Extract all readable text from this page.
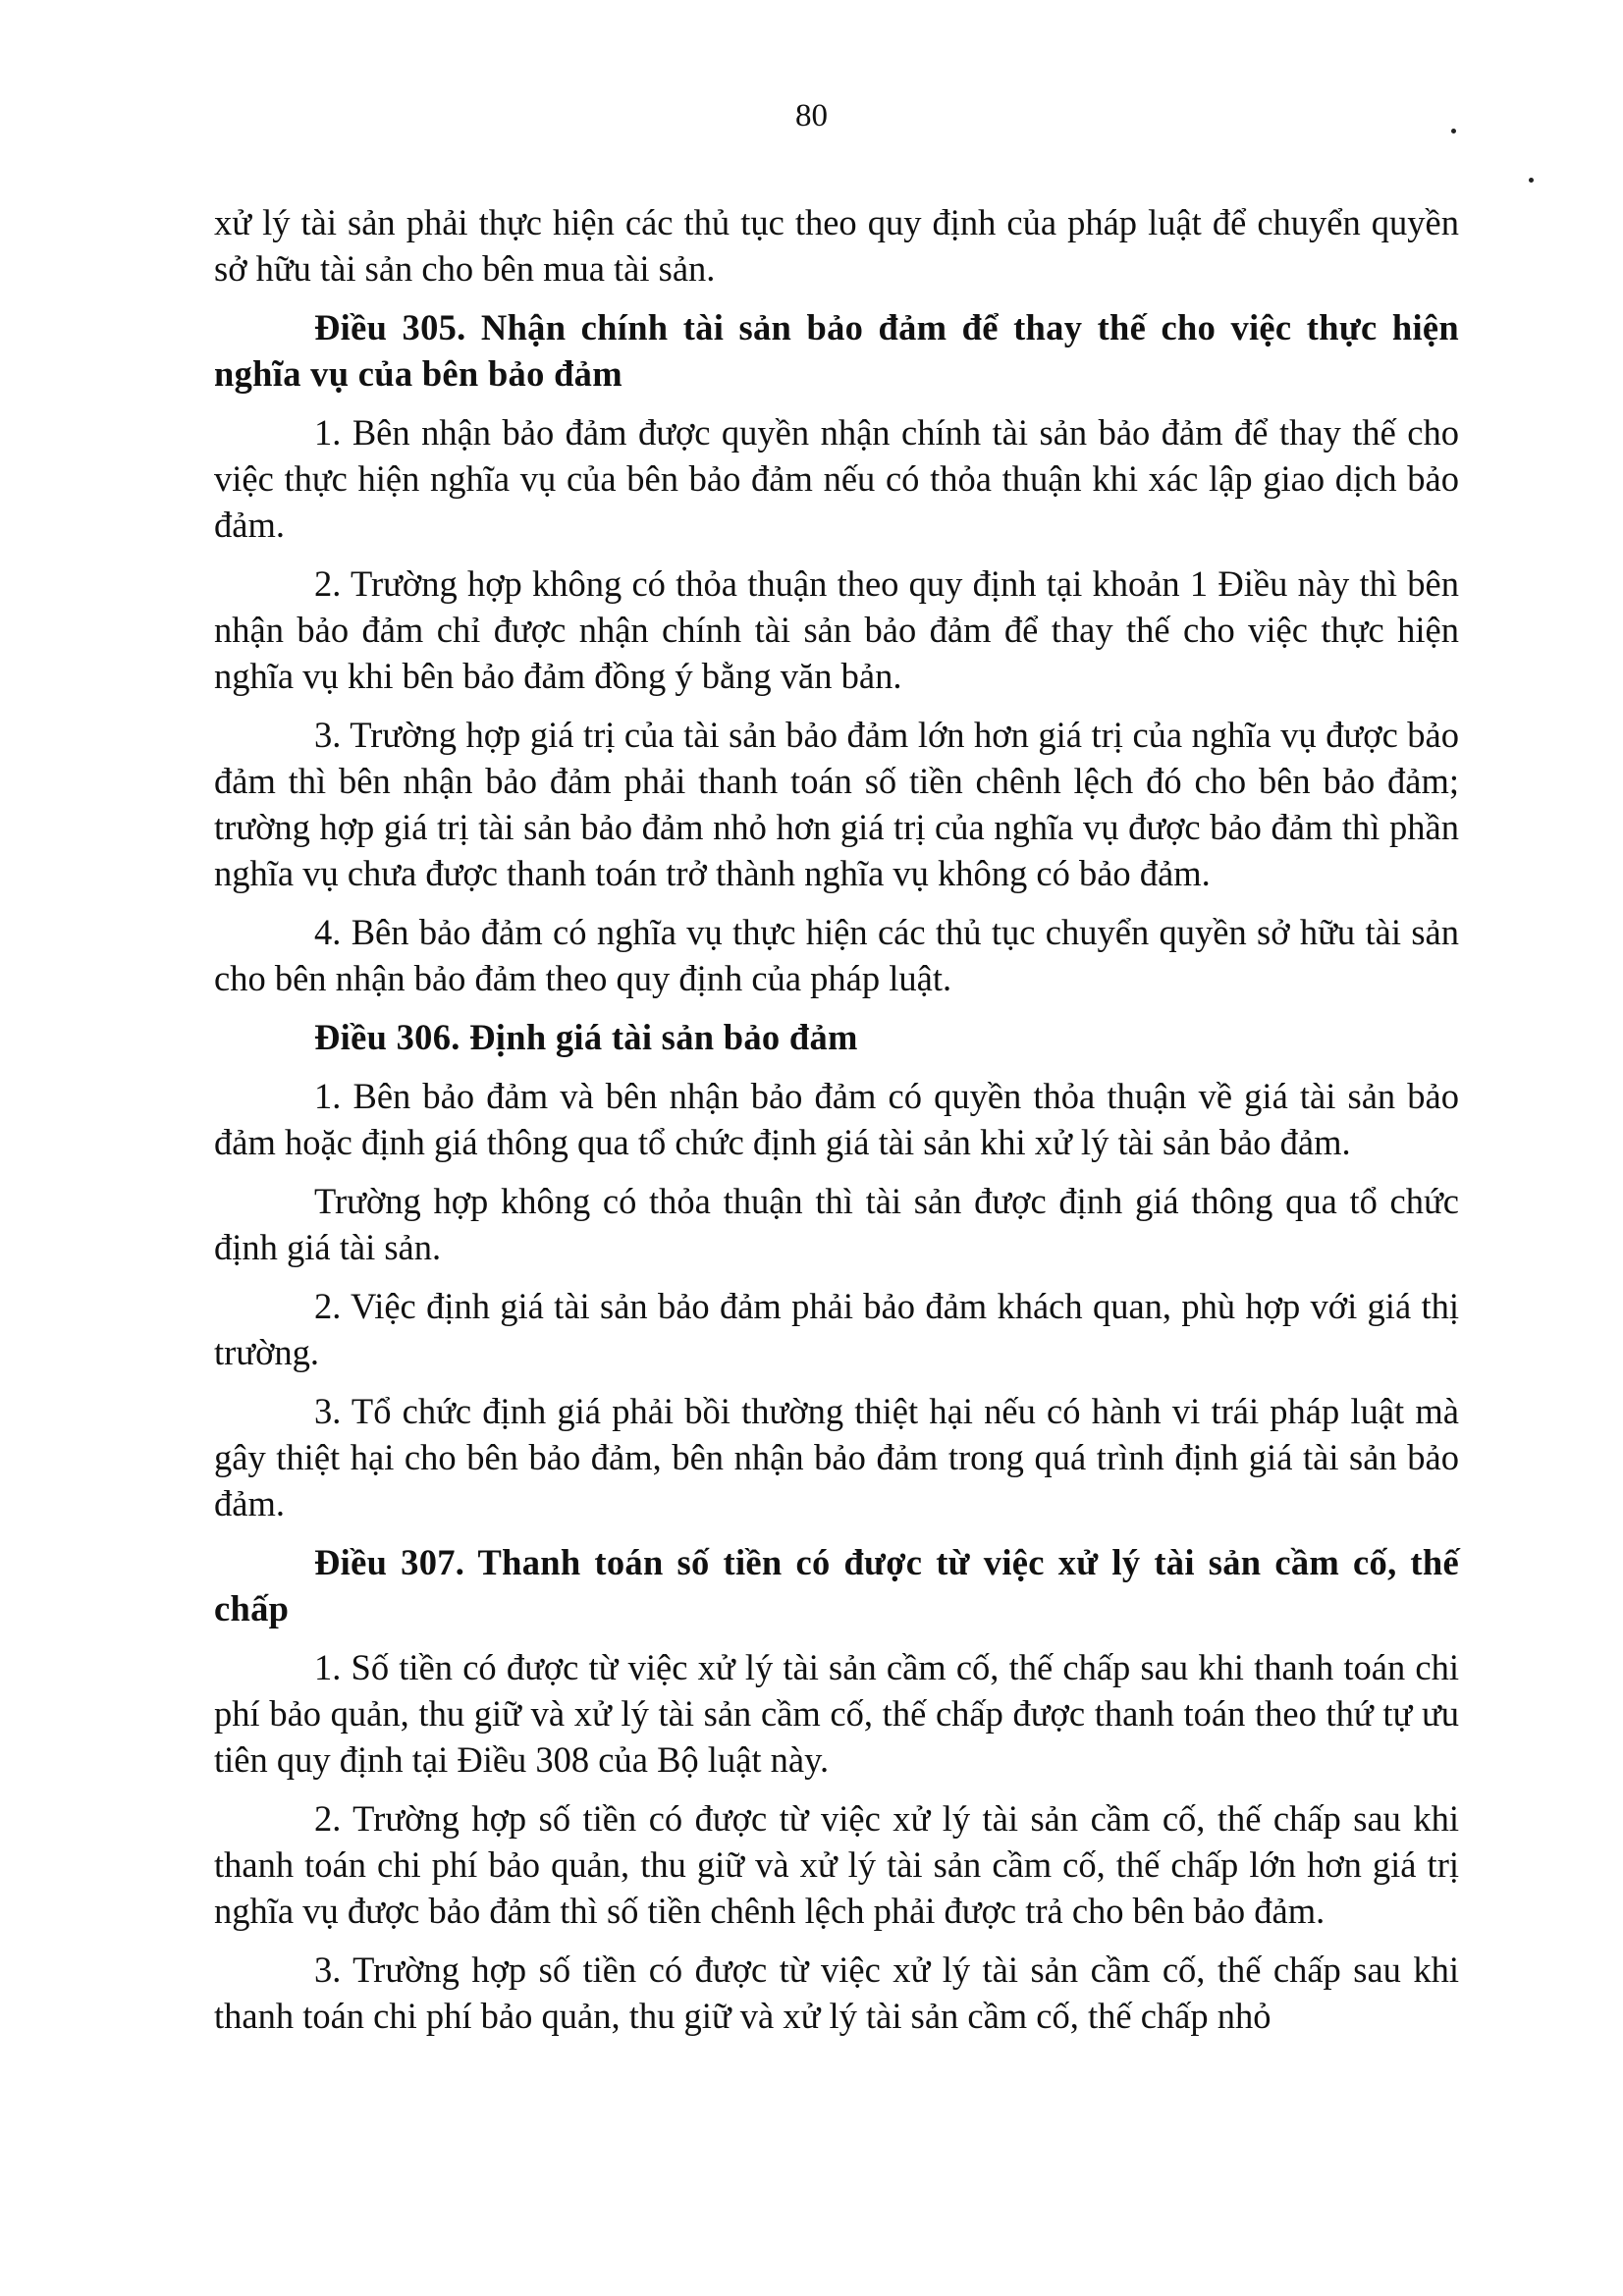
80

xử lý tài sản phải thực hiện các thủ tục theo quy định của pháp luật để chuyển quyền sở hữu tài sản cho bên mua tài sản.

Điều 305. Nhận chính tài sản bảo đảm để thay thế cho việc thực hiện nghĩa vụ của bên bảo đảm

1. Bên nhận bảo đảm được quyền nhận chính tài sản bảo đảm để thay thế cho việc thực hiện nghĩa vụ của bên bảo đảm nếu có thỏa thuận khi xác lập giao dịch bảo đảm.

2. Trường hợp không có thỏa thuận theo quy định tại khoản 1 Điều này thì bên nhận bảo đảm chỉ được nhận chính tài sản bảo đảm để thay thế cho việc thực hiện nghĩa vụ khi bên bảo đảm đồng ý bằng văn bản.

3. Trường hợp giá trị của tài sản bảo đảm lớn hơn giá trị của nghĩa vụ được bảo đảm thì bên nhận bảo đảm phải thanh toán số tiền chênh lệch đó cho bên bảo đảm; trường hợp giá trị tài sản bảo đảm nhỏ hơn giá trị của nghĩa vụ được bảo đảm thì phần nghĩa vụ chưa được thanh toán trở thành nghĩa vụ không có bảo đảm.

4. Bên bảo đảm có nghĩa vụ thực hiện các thủ tục chuyển quyền sở hữu tài sản cho bên nhận bảo đảm theo quy định của pháp luật.

Điều 306. Định giá tài sản bảo đảm

1. Bên bảo đảm và bên nhận bảo đảm có quyền thỏa thuận về giá tài sản bảo đảm hoặc định giá thông qua tổ chức định giá tài sản khi xử lý tài sản bảo đảm.

Trường hợp không có thỏa thuận thì tài sản được định giá thông qua tổ chức định giá tài sản.

2. Việc định giá tài sản bảo đảm phải bảo đảm khách quan, phù hợp với giá thị trường.

3. Tổ chức định giá phải bồi thường thiệt hại nếu có hành vi trái pháp luật mà gây thiệt hại cho bên bảo đảm, bên nhận bảo đảm trong quá trình định giá tài sản bảo đảm.

Điều 307. Thanh toán số tiền có được từ việc xử lý tài sản cầm cố, thế chấp

1. Số tiền có được từ việc xử lý tài sản cầm cố, thế chấp sau khi thanh toán chi phí bảo quản, thu giữ và xử lý tài sản cầm cố, thế chấp được thanh toán theo thứ tự ưu tiên quy định tại Điều 308 của Bộ luật này.

2. Trường hợp số tiền có được từ việc xử lý tài sản cầm cố, thế chấp sau khi thanh toán chi phí bảo quản, thu giữ và xử lý tài sản cầm cố, thế chấp lớn hơn giá trị nghĩa vụ được bảo đảm thì số tiền chênh lệch phải được trả cho bên bảo đảm.

3. Trường hợp số tiền có được từ việc xử lý tài sản cầm cố, thế chấp sau khi thanh toán chi phí bảo quản, thu giữ và xử lý tài sản cầm cố, thế chấp nhỏ
